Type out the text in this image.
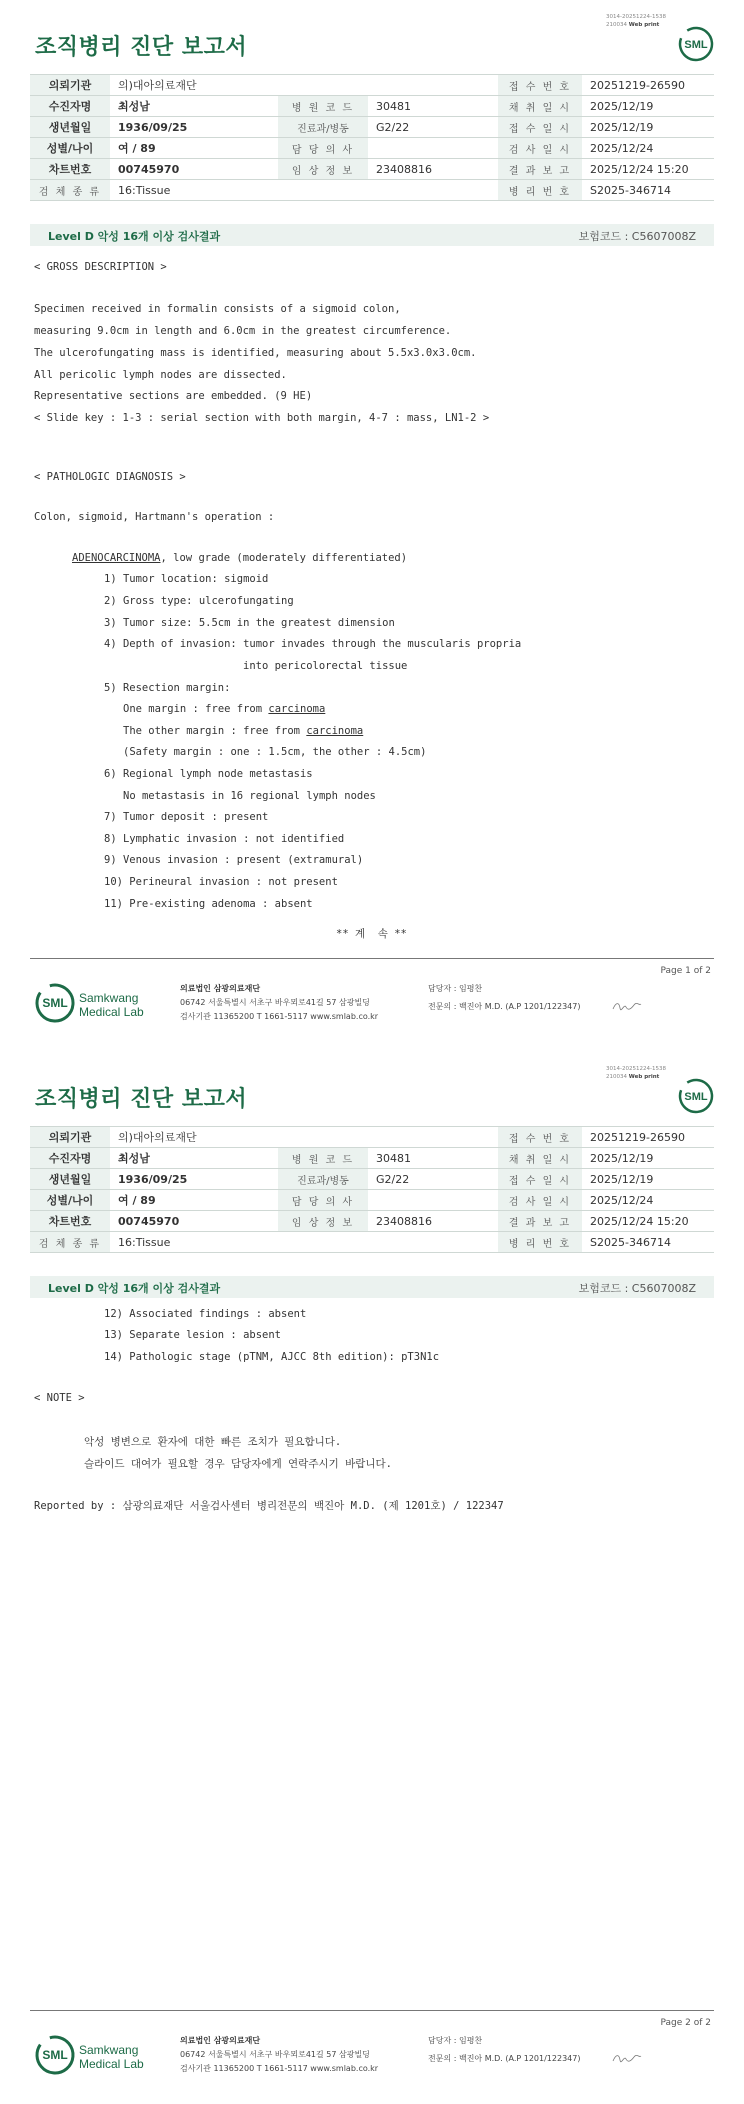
3014-20251224-1538
210034 Web print
조직병리 진단 보고서	SML
의뢰기관	의)대아의료재단			접 수 번 호	20251219-26590
수진자명	최성남	병 원 코 드	30481	채 취 일 시	2025/12/19
생년월일	1936/09/25	진료과/병동	G2/22	접 수 일 시	2025/12/19
성별/나이	여 / 89	담 당 의 사		검 사 일 시	2025/12/24
차트번호	00745970	임 상 정 보	23408816	결 과 보 고	2025/12/24 15:20
검 체 종 류	16:Tissue			병 리 번 호	S2025-346714
Level D 악성 16개 이상 검사결과	보험코드 : C5607008Z
< GROSS DESCRIPTION >
Specimen received in formalin consists of a sigmoid colon,
measuring 9.0cm in length and 6.0cm in the greatest circumference.
The ulcerofungating mass is identified, measuring about 5.5x3.0x3.0cm.
All pericolic lymph nodes are dissected.
Representative sections are embedded. (9 HE)
< Slide key : 1-3 : serial section with both margin, 4-7 : mass, LN1-2 >
< PATHOLOGIC DIAGNOSIS >
Colon, sigmoid, Hartmann's operation :
ADENOCARCINOMA, low grade (moderately differentiated)
1) Tumor location: sigmoid
2) Gross type: ulcerofungating
3) Tumor size: 5.5cm in the greatest dimension
4) Depth of invasion: tumor invades through the muscularis propria
into pericolorectal tissue
5) Resection margin:
One margin : free from carcinoma
The other margin : free from carcinoma
(Safety margin : one : 1.5cm, the other : 4.5cm)
6) Regional lymph node metastasis
No metastasis in 16 regional lymph nodes
7) Tumor deposit : present
8) Lymphatic invasion : not identified
9) Venous invasion : present (extramural)
10) Perineural invasion : not present
11) Pre-existing adenoma : absent
** 계  속 **
Page 1 of 2
SML Samkwang
Medical Lab
의료법인 삼광의료재단
06742 서울특별시 서초구 바우뫼로41길 57 삼광빌딩
검사기관 11365200 T 1661-5117 www.smlab.co.kr
담당자 : 임평찬
전문의 : 백진아 M.D. (A.P 1201/122347)
3014-20251224-1538
210034 Web print
조직병리 진단 보고서	SML
의뢰기관	의)대아의료재단			접 수 번 호	20251219-26590
수진자명	최성남	병 원 코 드	30481	채 취 일 시	2025/12/19
생년월일	1936/09/25	진료과/병동	G2/22	접 수 일 시	2025/12/19
성별/나이	여 / 89	담 당 의 사		검 사 일 시	2025/12/24
차트번호	00745970	임 상 정 보	23408816	결 과 보 고	2025/12/24 15:20
검 체 종 류	16:Tissue			병 리 번 호	S2025-346714
Level D 악성 16개 이상 검사결과	보험코드 : C5607008Z
12) Associated findings : absent
13) Separate lesion : absent
14) Pathologic stage (pTNM, AJCC 8th edition): pT3N1c
< NOTE >
악성 병변으로 환자에 대한 빠른 조치가 필요합니다.
슬라이드 대여가 필요할 경우 담당자에게 연락주시기 바랍니다.
Reported by : 삼광의료재단 서울검사센터 병리전문의 백진아 M.D. (제 1201호) / 122347
Page 2 of 2
SML Samkwang
Medical Lab
의료법인 삼광의료재단
06742 서울특별시 서초구 바우뫼로41길 57 삼광빌딩
검사기관 11365200 T 1661-5117 www.smlab.co.kr
담당자 : 임평찬
전문의 : 백진아 M.D. (A.P 1201/122347)
